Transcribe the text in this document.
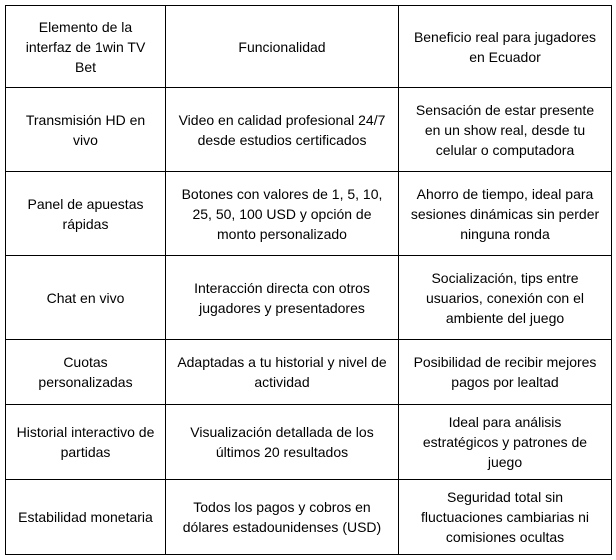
Elemento de la interfaz de 1win TV Bet	Funcionalidad	Beneficio real para jugadores en Ecuador
Transmisión HD en vivo	Video en calidad profesional 24/7 desde estudios certificados	Sensación de estar presente en un show real, desde tu celular o computadora
Panel de apuestas rápidas	Botones con valores de 1, 5, 10, 25, 50, 100 USD y opción de monto personalizado	Ahorro de tiempo, ideal para sesiones dinámicas sin perder ninguna ronda
Chat en vivo	Interacción directa con otros jugadores y presentadores	Socialización, tips entre usuarios, conexión con el ambiente del juego
Cuotas personalizadas	Adaptadas a tu historial y nivel de actividad	Posibilidad de recibir mejores pagos por lealtad
Historial interactivo de partidas	Visualización detallada de los últimos 20 resultados	Ideal para análisis estratégicos y patrones de juego
Estabilidad monetaria	Todos los pagos y cobros en dólares estadounidenses (USD)	Seguridad total sin fluctuaciones cambiarias ni comisiones ocultas
